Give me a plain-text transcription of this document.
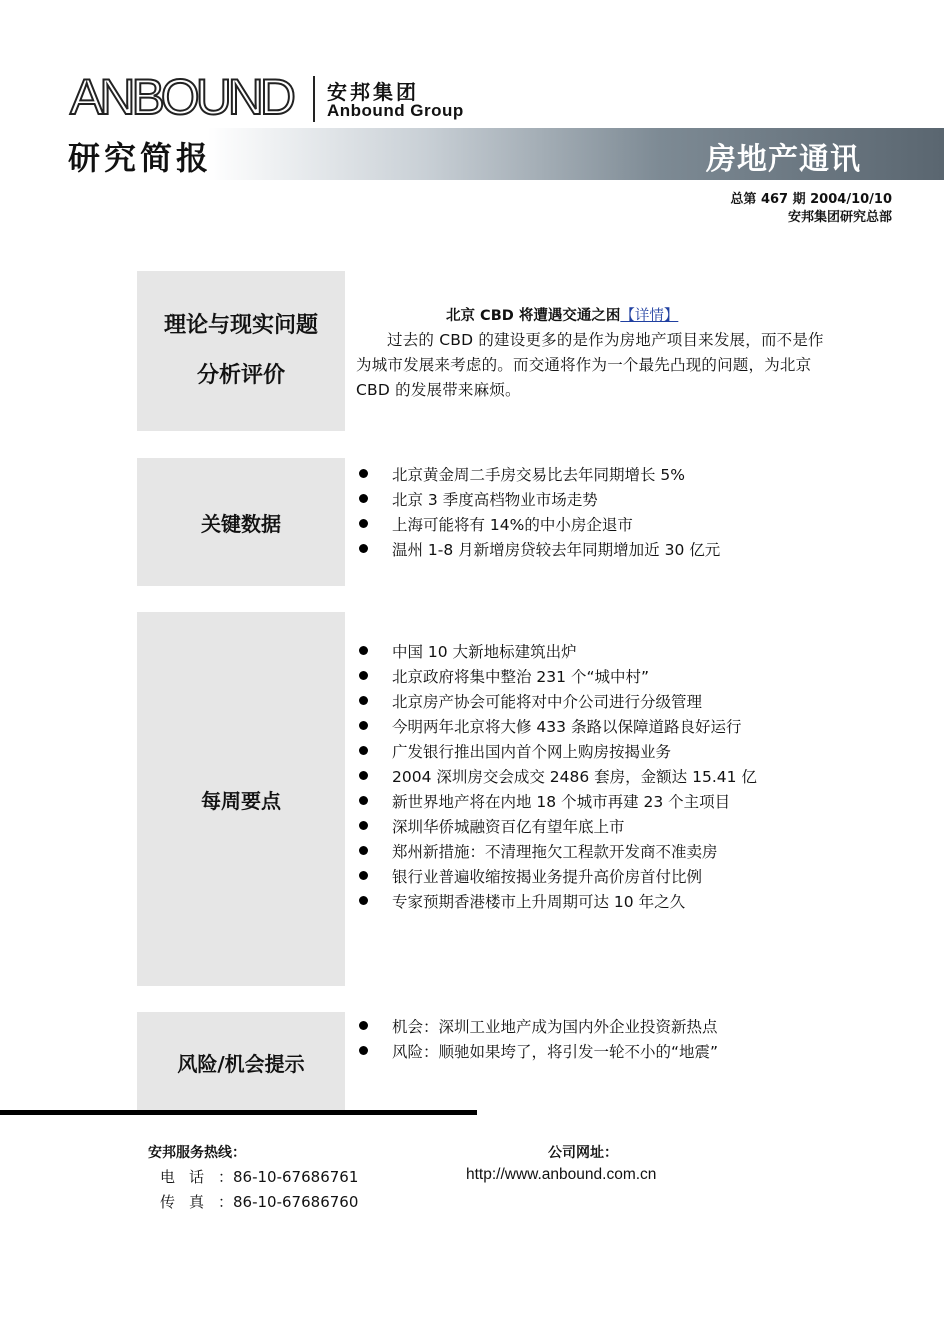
ANBOUND 安邦集团
Anbound Group
研究简报	房地产通讯
总第 467 期 2004/10/10
安邦集团研究总部
理论与现实问题
分析评价
北京 CBD 将遭遇交通之困【详情】
过去的 CBD 的建设更多的是作为房地产项目来发展，而不是作为城市发展来考虑的。而交通将作为一个最先凸现的问题，为北京 CBD 的发展带来麻烦。
关键数据
北京黄金周二手房交易比去年同期增长 5%
北京 3 季度高档物业市场走势
上海可能将有 14%的中小房企退市
温州 1-8 月新增房贷较去年同期增加近 30 亿元
每周要点
中国 10 大新地标建筑出炉
北京政府将集中整治 231 个“城中村”
北京房产协会可能将对中介公司进行分级管理
今明两年北京将大修 433 条路以保障道路良好运行
广发银行推出国内首个网上购房按揭业务
2004 深圳房交会成交 2486 套房，金额达 15.41 亿
新世界地产将在内地 18 个城市再建 23 个主项目
深圳华侨城融资百亿有望年底上市
郑州新措施：不清理拖欠工程款开发商不准卖房
银行业普遍收缩按揭业务提升高价房首付比例
专家预期香港楼市上升周期可达 10 年之久
风险/机会提示
机会：深圳工业地产成为国内外企业投资新热点
风险：顺驰如果垮了，将引发一轮不小的“地震”
安邦服务热线：
电话：86-10-67686761
传真：86-10-67686760
公司网址：
http://www.anbound.com.cn
